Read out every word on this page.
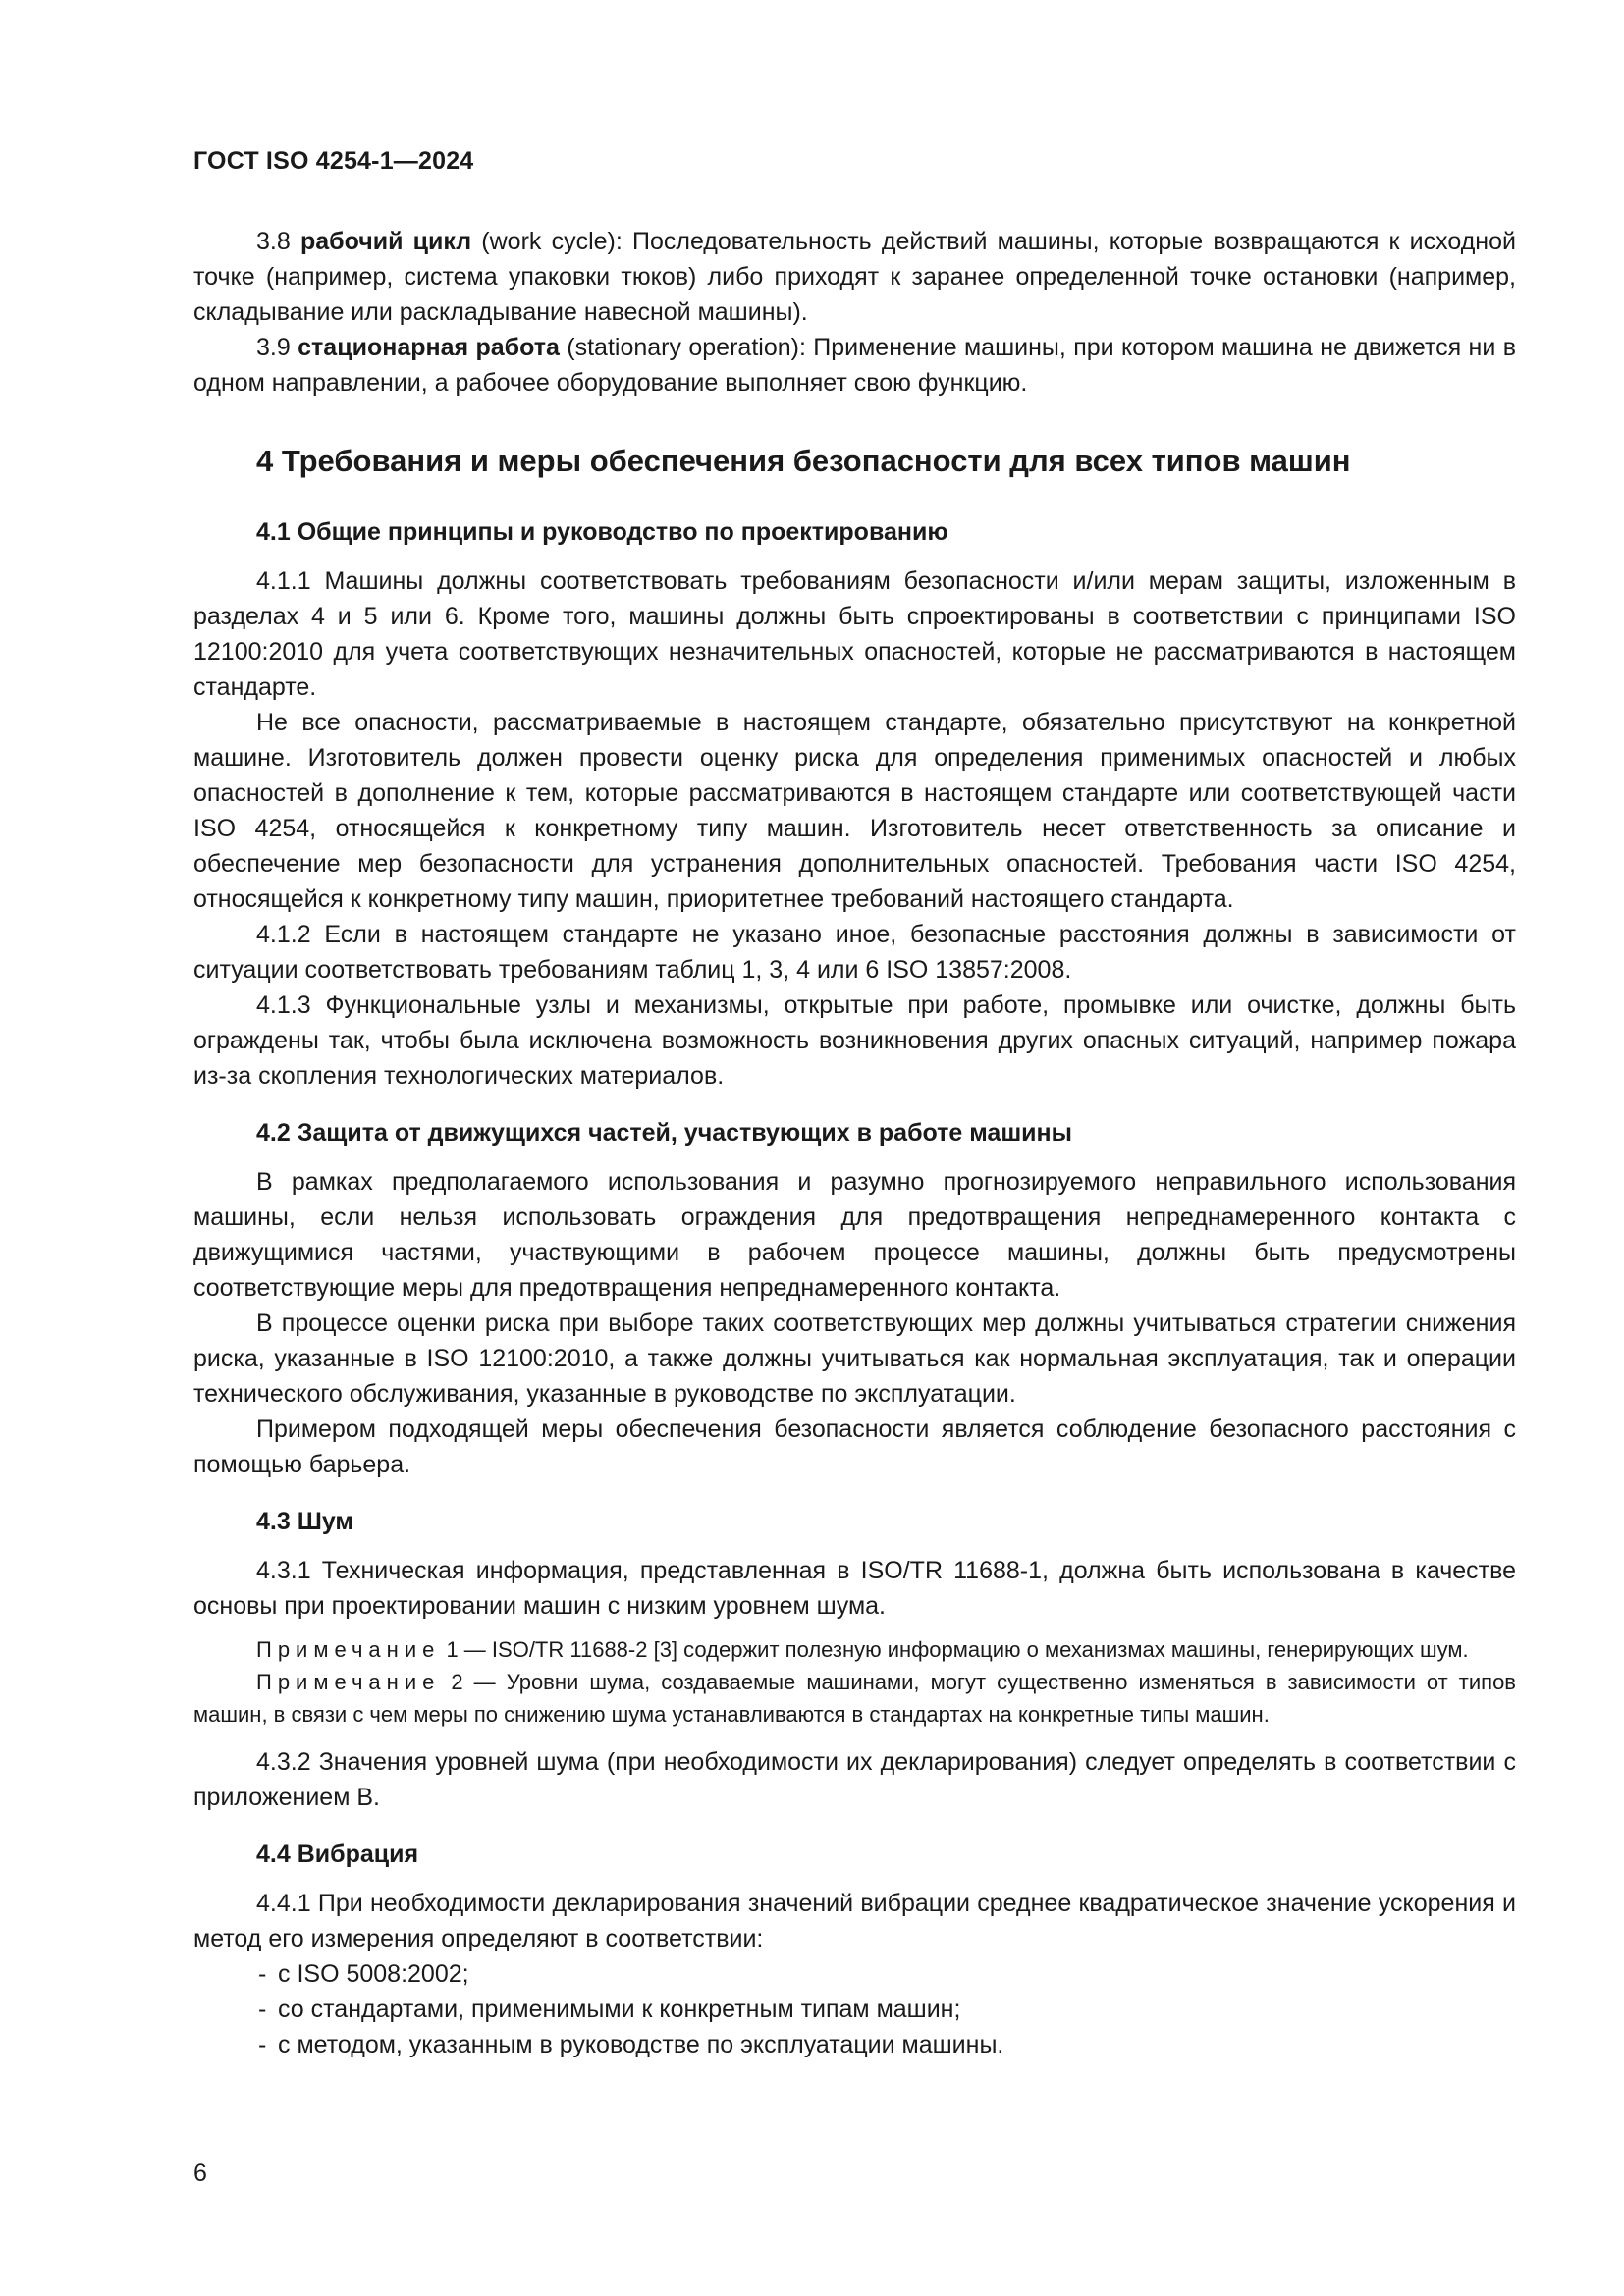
ГОСТ ISO 4254-1—2024

3.8 рабочий цикл (work cycle): Последовательность действий машины, которые возвращаются к исходной точке (например, система упаковки тюков) либо приходят к заранее определенной точке остановки (например, складывание или раскладывание навесной машины).

3.9 стационарная работа (stationary operation): Применение машины, при котором машина не движется ни в одном направлении, а рабочее оборудование выполняет свою функцию.

4 Требования и меры обеспечения безопасности для всех типов машин
4.1 Общие принципы и руководство по проектированию

4.1.1 Машины должны соответствовать требованиям безопасности и/или мерам защиты, изложенным в разделах 4 и 5 или 6. Кроме того, машины должны быть спроектированы в соответствии с принципами ISO 12100:2010 для учета соответствующих незначительных опасностей, которые не рассматриваются в настоящем стандарте.

Не все опасности, рассматриваемые в настоящем стандарте, обязательно присутствуют на конкретной машине. Изготовитель должен провести оценку риска для определения применимых опасностей и любых опасностей в дополнение к тем, которые рассматриваются в настоящем стандарте или соответствующей части ISO 4254, относящейся к конкретному типу машин. Изготовитель несет ответственность за описание и обеспечение мер безопасности для устранения дополнительных опасностей. Требования части ISO 4254, относящейся к конкретному типу машин, приоритетнее требований настоящего стандарта.

4.1.2 Если в настоящем стандарте не указано иное, безопасные расстояния должны в зависимости от ситуации соответствовать требованиям таблиц 1, 3, 4 или 6 ISO 13857:2008.

4.1.3 Функциональные узлы и механизмы, открытые при работе, промывке или очистке, должны быть ограждены так, чтобы была исключена возможность возникновения других опасных ситуаций, например пожара из-за скопления технологических материалов.

4.2 Защита от движущихся частей, участвующих в работе машины

В рамках предполагаемого использования и разумно прогнозируемого неправильного использования машины, если нельзя использовать ограждения для предотвращения непреднамеренного контакта с движущимися частями, участвующими в рабочем процессе машины, должны быть предусмотрены соответствующие меры для предотвращения непреднамеренного контакта.

В процессе оценки риска при выборе таких соответствующих мер должны учитываться стратегии снижения риска, указанные в ISO 12100:2010, а также должны учитываться как нормальная эксплуатация, так и операции технического обслуживания, указанные в руководстве по эксплуатации.

Примером подходящей меры обеспечения безопасности является соблюдение безопасного расстояния с помощью барьера.

4.3 Шум

4.3.1 Техническая информация, представленная в ISO/TR 11688-1, должна быть использована в качестве основы при проектировании машин с низким уровнем шума.

Примечание 1 — ISO/TR 11688-2 [3] содержит полезную информацию о механизмах машины, генерирующих шум.

Примечание 2 — Уровни шума, создаваемые машинами, могут существенно изменяться в зависимости от типов машин, в связи с чем меры по снижению шума устанавливаются в стандартах на конкретные типы машин.

4.3.2 Значения уровней шума (при необходимости их декларирования) следует определять в соответствии с приложением В.

4.4 Вибрация

4.4.1 При необходимости декларирования значений вибрации среднее квадратическое значение ускорения и метод его измерения определяют в соответствии:

- с ISO 5008:2002;
- со стандартами, применимыми к конкретным типам машин;
- с методом, указанным в руководстве по эксплуатации машины.
6
